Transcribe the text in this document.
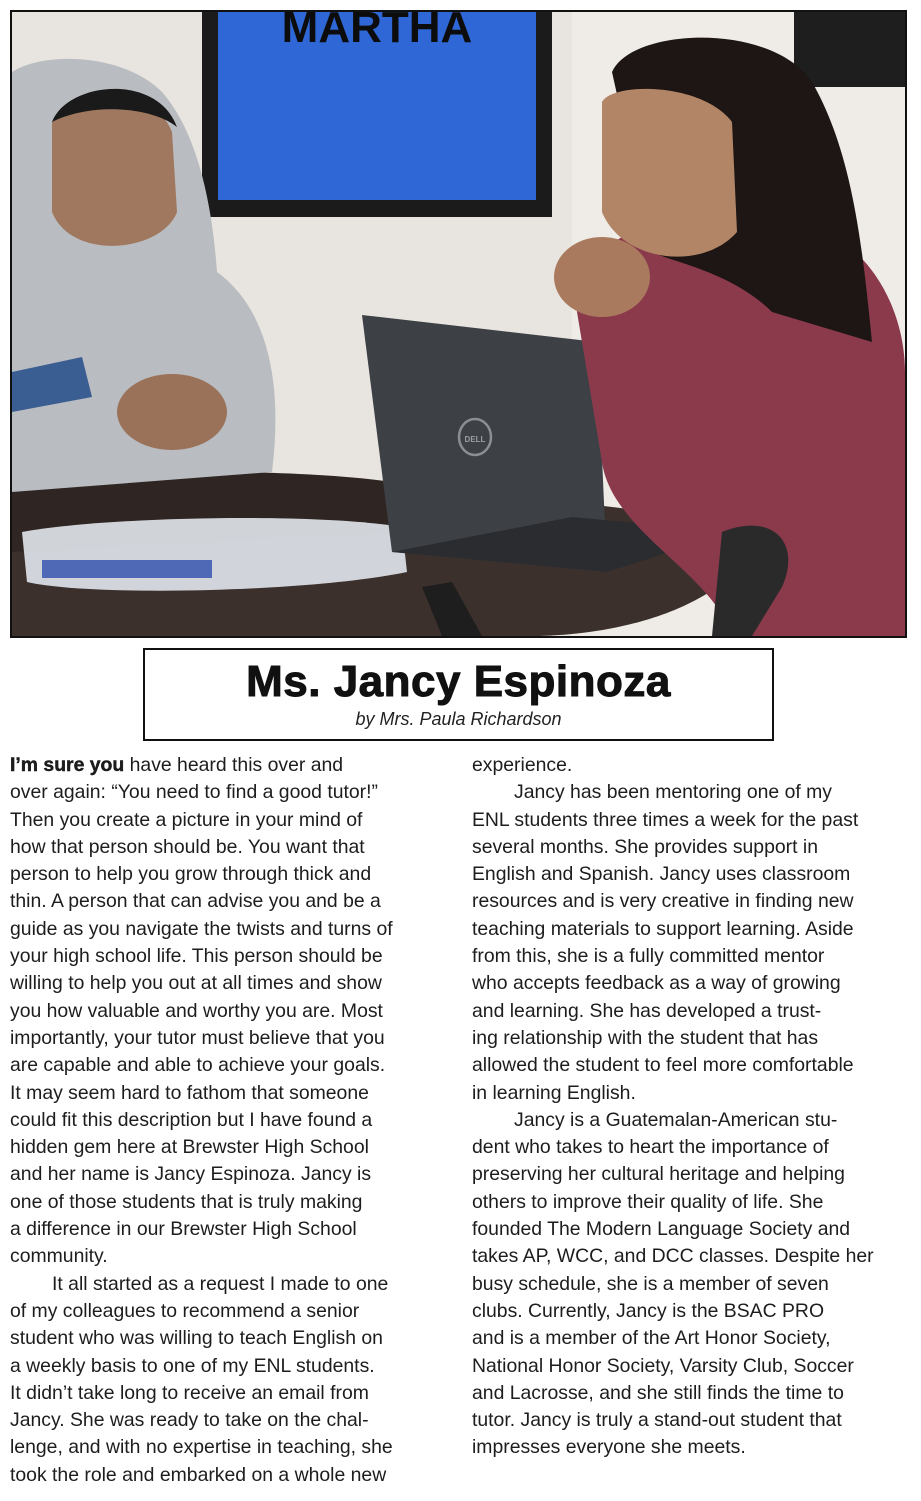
MARTHA
DELL
Ms. Jancy Espinoza
by Mrs. Paula Richardson
I’m sure you have heard this over and
over again: “You need to find a good tutor!”
Then you create a picture in your mind of
how that person should be. You want that
person to help you grow through thick and
thin. A person that can advise you and be a
guide as you navigate the twists and turns of
your high school life. This person should be
willing to help you out at all times and show
you how valuable and worthy you are. Most
importantly, your tutor must believe that you
are capable and able to achieve your goals.
It may seem hard to fathom that someone
could fit this description but I have found a
hidden gem here at Brewster High School
and her name is Jancy Espinoza. Jancy is
one of those students that is truly making
a difference in our Brewster High School
community.
It all started as a request I made to one
of my colleagues to recommend a senior
student who was willing to teach English on
a weekly basis to one of my ENL students.
It didn’t take long to receive an email from
Jancy. She was ready to take on the chal-
lenge, and with no expertise in teaching, she
took the role and embarked on a whole new
experience.
Jancy has been mentoring one of my
ENL students three times a week for the past
several months. She provides support in
English and Spanish. Jancy uses classroom
resources and is very creative in finding new
teaching materials to support learning. Aside
from this, she is a fully committed mentor
who accepts feedback as a way of growing
and learning. She has developed a trust-
ing relationship with the student that has
allowed the student to feel more comfortable
in learning English.
Jancy is a Guatemalan-American stu-
dent who takes to heart the importance of
preserving her cultural heritage and helping
others to improve their quality of life. She
founded The Modern Language Society and
takes AP, WCC, and DCC classes. Despite her
busy schedule, she is a member of seven
clubs. Currently, Jancy is the BSAC PRO
and is a member of the Art Honor Society,
National Honor Society, Varsity Club, Soccer
and Lacrosse, and she still finds the time to
tutor. Jancy is truly a stand-out student that
impresses everyone she meets.
